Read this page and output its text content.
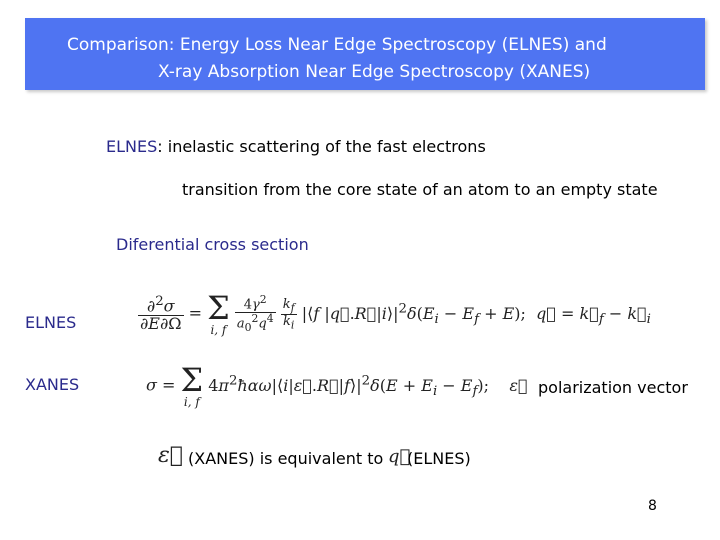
Comparison: Energy Loss Near Edge Spectroscopy (ELNES) and
X-ray Absorption Near Edge Spectroscopy (XANES)
ELNES: inelastic scattering of the fast electrons
transition from the core state of an atom to an empty state
Diferential cross section
ELNES	$\frac{\partial^2\sigma}{\partial E\partial\Omega} = \Sigma$
i, f
$\frac{4\gamma^2}{a_0^2q^4}$
$\frac{k_f}{k_i}$ |⟨f $|q⃗.R⃗|i⟩|^2\delta(E_i - E_f + E)$;  q⃗ = $k⃗_f$ − $k⃗_i$
XANES	σ = Σ
i, f
$4\pi^2ħ\alpha\omega|⟨i|\varepsilon⃗.R⃗|f⟩|^2\delta(E + E_i - E_f)$;    ε⃗ polarization vector
ε⃗ (XANES) is equivalent to q⃗
(ELNES)
8
